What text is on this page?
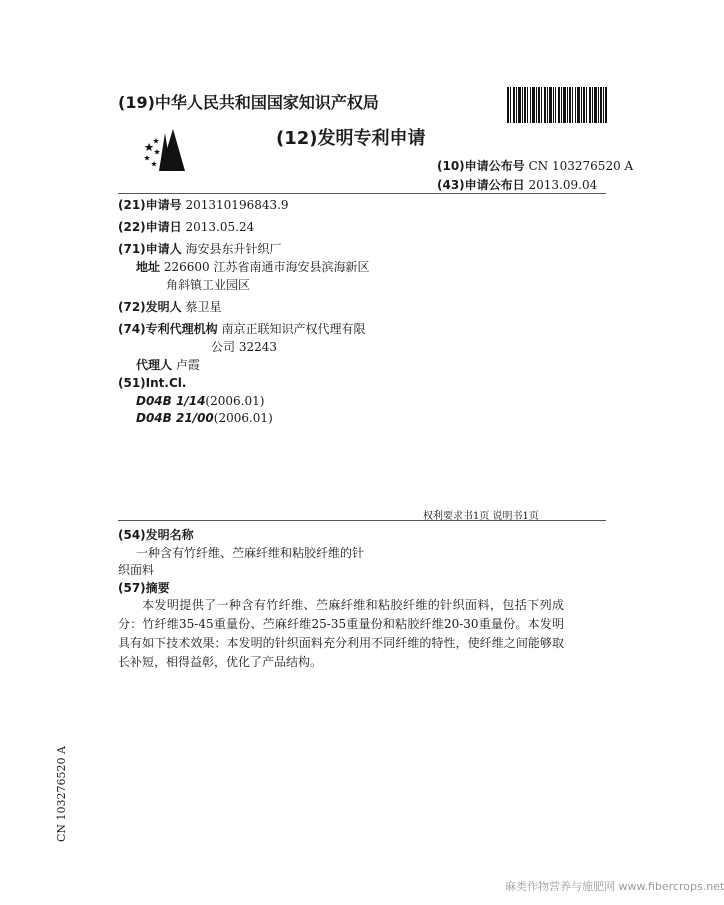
(19)中华人民共和国国家知识产权局
(12)发明专利申请
(10)申请公布号 CN 103276520 A
(43)申请公布日 2013.09.04
(21)申请号 201310196843.9
(22)申请日 2013.05.24
(71)申请人 海安县东升针织厂
地址 226600 江苏省南通市海安县滨海新区
角斜镇工业园区
(72)发明人 蔡卫星
(74)专利代理机构 南京正联知识产权代理有限
公司 32243
代理人 卢霞
(51)Int.Cl.
D04B 1/14(2006.01)
D04B 21/00(2006.01)
权利要求书1页 说明书1页
(54)发明名称
一种含有竹纤维、苎麻纤维和粘胶纤维的针
织面料
(57)摘要
本发明提供了一种含有竹纤维、苎麻纤维和粘胶纤维的针织面料，包括下列成分：竹纤维35-45重量份、苎麻纤维25-35重量份和粘胶纤维20-30重量份。本发明具有如下技术效果：本发明的针织面料充分利用不同纤维的特性，使纤维之间能够取长补短，相得益彰，优化了产品结构。
CN 103276520 A
麻类作物营养与施肥网 www.fibercrops.net
